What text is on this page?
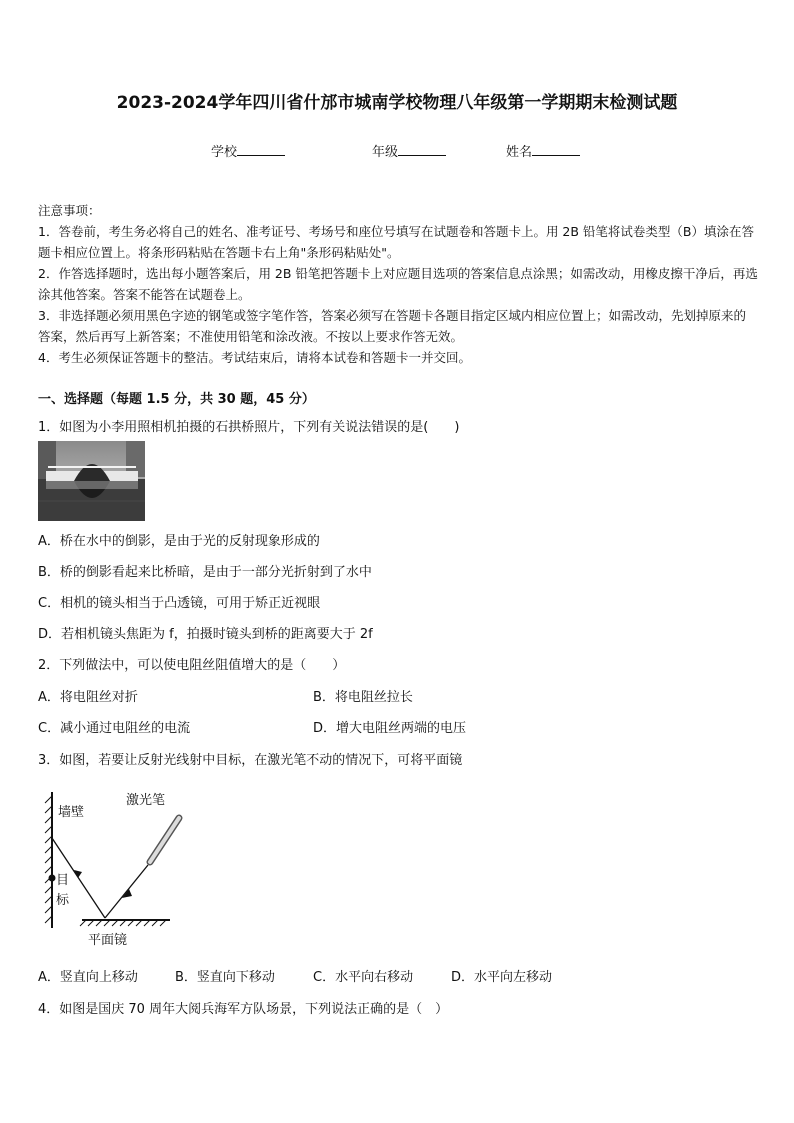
2023-2024学年四川省什邡市城南学校物理八年级第一学期期末检测试题
学校	年级	姓名

注意事项：

1．答卷前，考生务必将自己的姓名、准考证号、考场号和座位号填写在试题卷和答题卡上。用 2B 铅笔将试卷类型（B）填涂在答题卡相应位置上。将条形码粘贴在答题卡右上角"条形码粘贴处"。

2．作答选择题时，选出每小题答案后，用 2B 铅笔把答题卡上对应题目选项的答案信息点涂黑；如需改动，用橡皮擦干净后，再选涂其他答案。答案不能答在试题卷上。

3．非选择题必须用黑色字迹的钢笔或签字笔作答，答案必须写在答题卡各题目指定区域内相应位置上；如需改动，先划掉原来的答案，然后再写上新答案；不准使用铅笔和涂改液。不按以上要求作答无效。

4．考生必须保证答题卡的整洁。考试结束后，请将本试卷和答题卡一并交回。

一、选择题（每题 1.5 分，共 30 题，45 分）
1．如图为小李用照相机拍摄的石拱桥照片，下列有关说法错误的是(　　)
A．桥在水中的倒影，是由于光的反射现象形成的
B．桥的倒影看起来比桥暗，是由于一部分光折射到了水中
C．相机的镜头相当于凸透镜，可用于矫正近视眼
D．若相机镜头焦距为 f，拍摄时镜头到桥的距离要大于 2f
2．下列做法中，可以使电阻丝阻值增大的是（　　）
A．将电阻丝对折	B．将电阻丝拉长
C．减小通过电阻丝的电流	D．增大电阻丝两端的电压
3．如图，若要让反射光线射中目标，在激光笔不动的情况下，可将平面镜
墙壁
激光笔
目
标
平面镜
A．竖直向上移动	B．竖直向下移动	C．水平向右移动	D．水平向左移动
4．如图是国庆 70 周年大阅兵海军方队场景，下列说法正确的是（　）
